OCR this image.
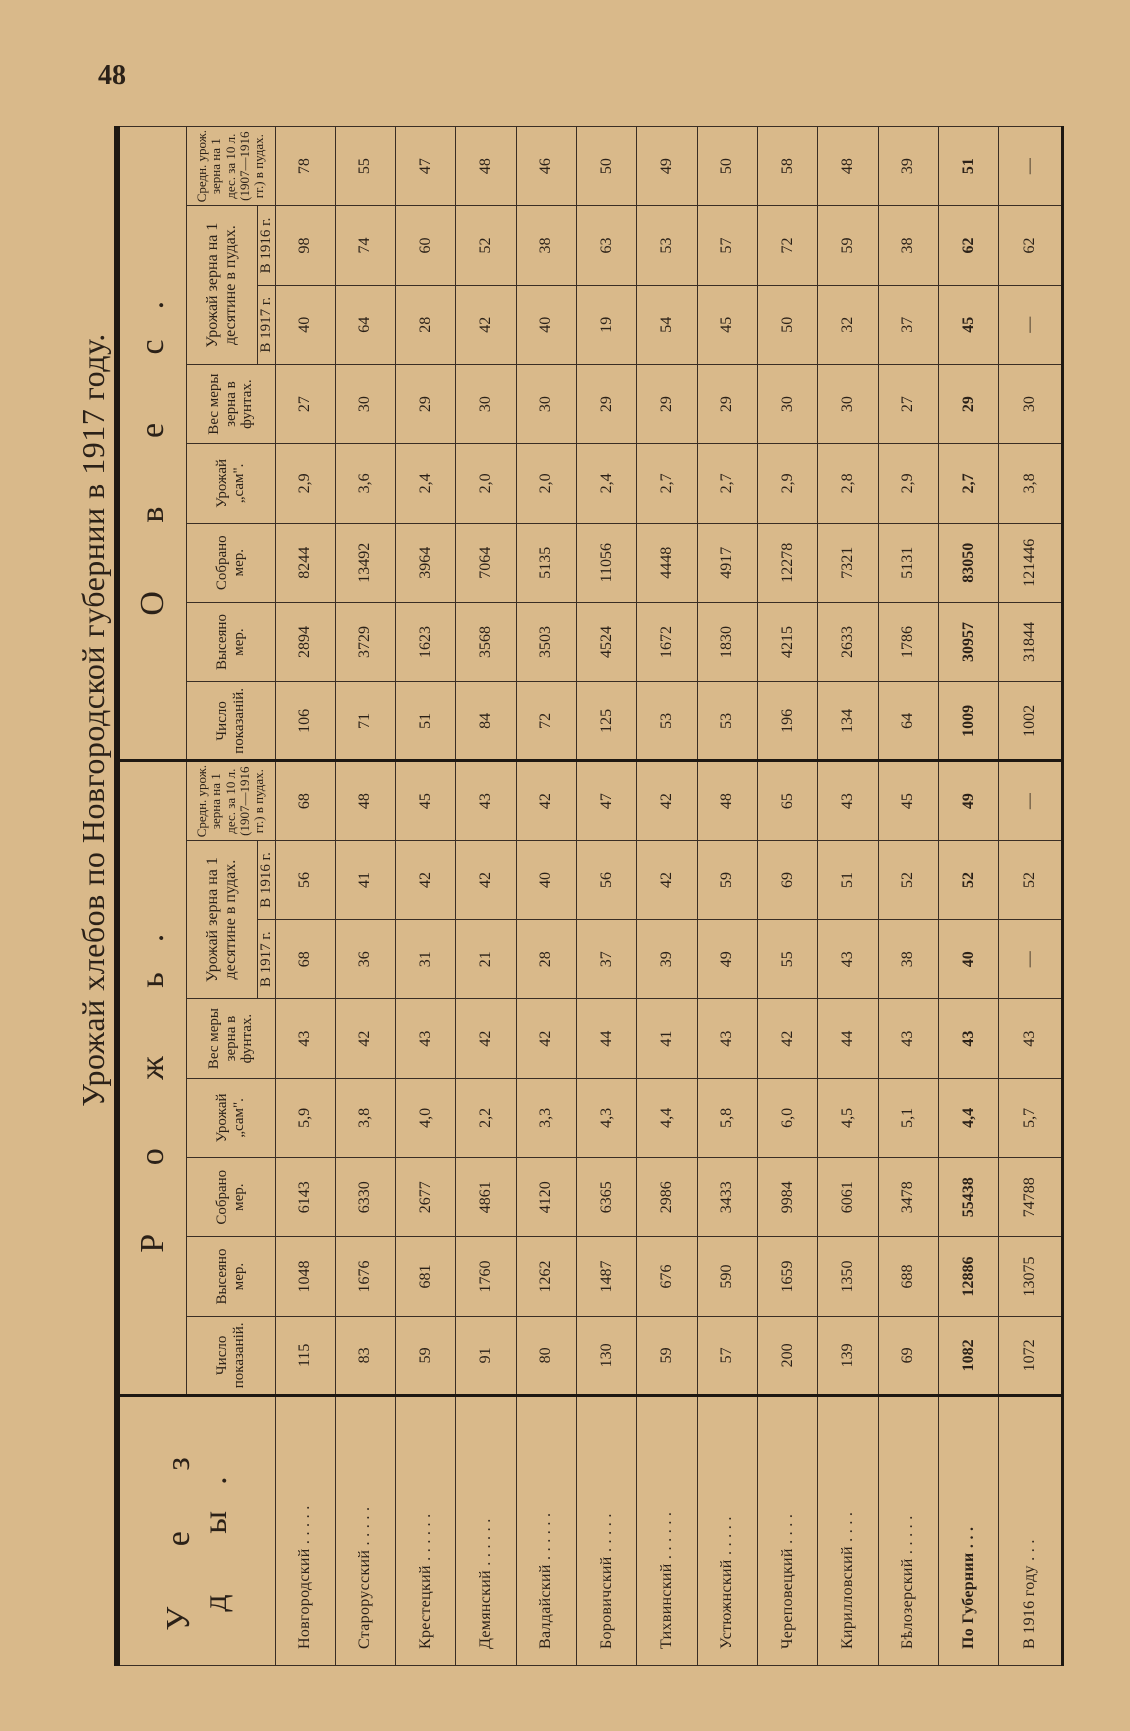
48
Урожай хлебов по Новгородской губернии в 1917 году.
У е з д ы.	Р о ж ь.								О в е с.							
	Число показанiй.	Высеяно мер.	Собрано мер.	Урожай „сам".	Вес меры зерна в фунтах.	Урожай зерна на 1 десятине в пудах.		Средн. урож. зерна на 1 дес. за 10 л. (1907—1916 гг.) в пудах.	Число показанiй.	Высеяно мер.	Собрано мер.	Урожай „сам".	Вес меры зерна в фунтах.	Урожай зерна на 1 десятине в пудах.		Средн. урож. зерна на 1 дес. за 10 л. (1907—1916 гг.) в пудах.
						В 1917 г.	В 1916 г.							В 1917 г.	В 1916 г.	
Новгородский . . . . .	115	1048	6143	5,9	43	68	56	68	106	2894	8244	2,9	27	40	98	78
Старорусский . . . . .	83	1676	6330	3,8	42	36	41	48	71	3729	13492	3,6	30	64	74	55
Крестецкий . . . . . .	59	681	2677	4,0	43	31	42	45	51	1623	3964	2,4	29	28	60	47
Демянский . . . . . .	91	1760	4861	2,2	42	21	42	43	84	3568	7064	2,0	30	42	52	48
Валдайский . . . . . .	80	1262	4120	3,3	42	28	40	42	72	3503	5135	2,0	30	40	38	46
Боровичский . . . . .	130	1487	6365	4,3	44	37	56	47	125	4524	11056	2,4	29	19	63	50
Тихвинский . . . . . .	59	676	2986	4,4	41	39	42	42	53	1672	4448	2,7	29	54	53	49
Устюжнский . . . . .	57	590	3433	5,8	43	49	59	48	53	1830	4917	2,7	29	45	57	50
Череповецкий . . . .	200	1659	9984	6,0	42	55	69	65	196	4215	12278	2,9	30	50	72	58
Кирилловский . . . .	139	1350	6061	4,5	44	43	51	43	134	2633	7321	2,8	30	32	59	48
Бѣлозерский . . . . .	69	688	3478	5,1	43	38	52	45	64	1786	5131	2,9	27	37	38	39
По Губернии . . .	1082	12886	55438	4,4	43	40	52	49	1009	30957	83050	2,7	29	45	62	51
В 1916 году . . .	1072	13075	74788	5,7	43	—	52	—	1002	31844	121446	3,8	30	—	62	—
